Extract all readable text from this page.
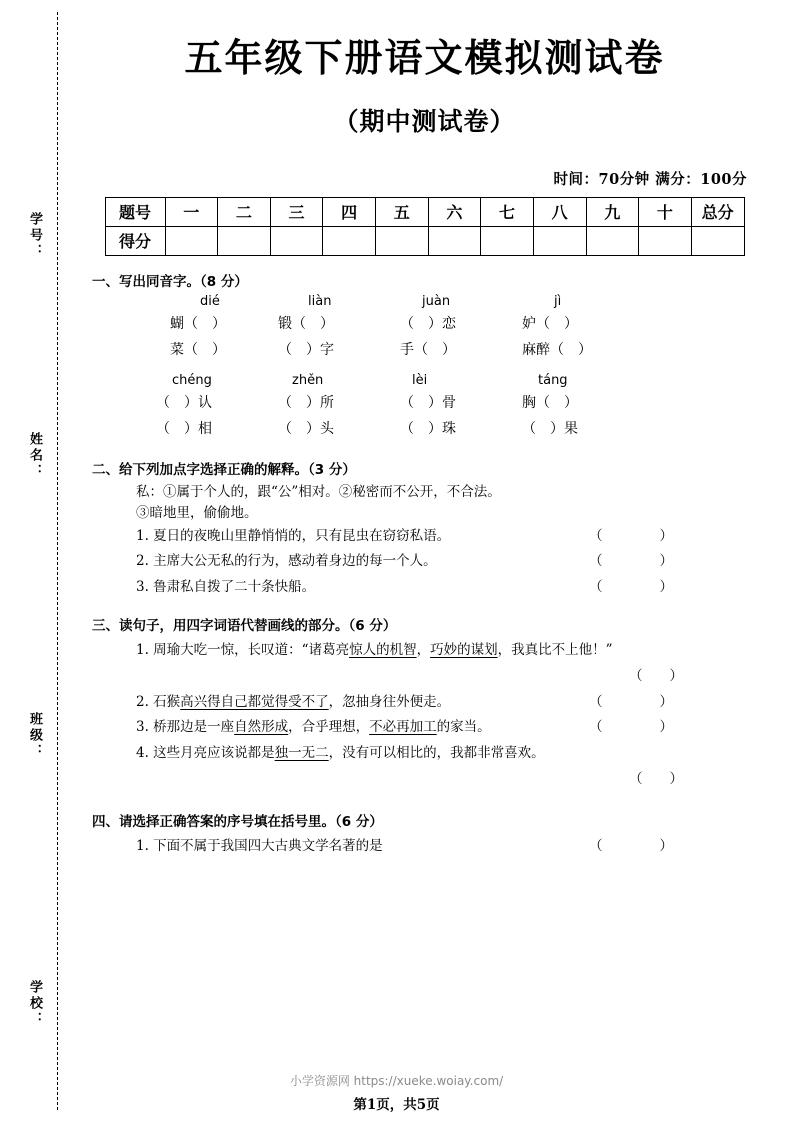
学号：
姓名：
班级：
学校：
五年级下册语文模拟测试卷
（期中测试卷）
时间：70分钟 满分：100分
题号	一	二	三	四	五	六	七	八	九	十	总分
得分											
一、写出同音字。（8 分）
dié	liàn	juàn	jì
蝴（　）	锻（　）	（　）恋	妒（　）
菜（　）	（　）字	手（　）	麻醉（　）
chéng	zhěn	lèi	táng
（　）认	（　）所	（　）骨	胸（　）
（　）相	（　）头	（　）珠	（　）果
二、给下列加点字选择正确的解释。（3 分）
私：①属于个人的，跟“公”相对。②秘密而不公开，不合法。
③暗地里，偷偷地。
1. 夏日的夜晚山里静悄悄的，只有昆虫在窃窃私语。	（　　）
2. 主席大公无私的行为，感动着身边的每一个人。	（　　）
3. 鲁肃私自拨了二十条快船。	（　　）
三、读句子，用四字词语代替画线的部分。（6 分）
1. 周瑜大吃一惊，长叹道：“诸葛亮惊人的机智，巧妙的谋划，我真比不上他！”
（　　）
2. 石猴高兴得自己都觉得受不了，忽抽身往外便走。	（　　）
3. 桥那边是一座自然形成，合乎理想，不必再加工的家当。	（　　）
4. 这些月亮应该说都是独一无二，没有可以相比的，我都非常喜欢。
（　　）
四、请选择正确答案的序号填在括号里。（6 分）
1. 下面不属于我国四大古典文学名著的是	（　　）
小学资源网 https://xueke.woiay.com/
第1页，共5页
